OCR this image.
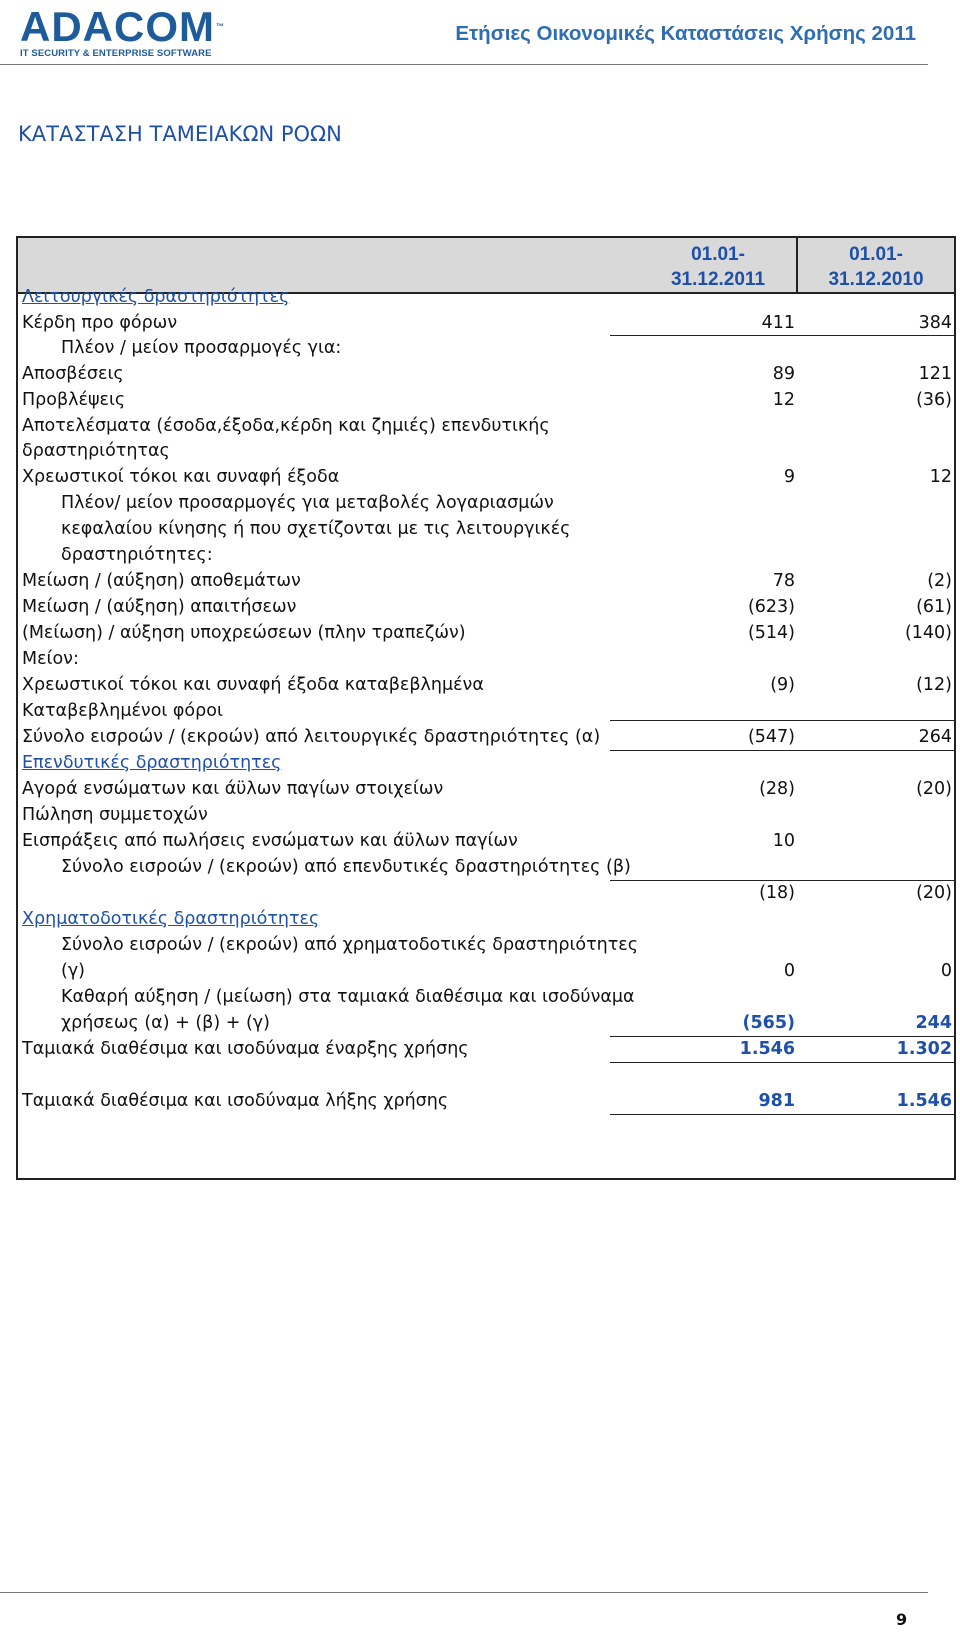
ADACOM™
IT SECURITY & ENTERPRISE SOFTWARE
Ετήσιες Οικονομικές Καταστάσεις Χρήσης 2011
ΚΑΤΑΣΤΑΣΗ ΤΑΜΕΙΑΚΩΝ ΡΟΩΝ
01.01-
31.12.2011
01.01-
31.12.2010
Λειτουργικές δραστηριότητες
Κέρδη προ φόρων	411	384
Πλέον / μείον προσαρμογές για:
Αποσβέσεις	89	121
Προβλέψεις	12	(36)
Αποτελέσματα (έσοδα,έξοδα,κέρδη και ζημιές) επενδυτικής
δραστηριότητας
Χρεωστικοί τόκοι και συναφή έξοδα	9	12
Πλέον/ μείον προσαρμογές για μεταβολές λογαριασμών
κεφαλαίου κίνησης ή που σχετίζονται με τις λειτουργικές
δραστηριότητες:
Μείωση / (αύξηση) αποθεμάτων	78	(2)
Μείωση / (αύξηση) απαιτήσεων	(623)	(61)
(Μείωση) / αύξηση υποχρεώσεων (πλην τραπεζών)	(514)	(140)
Μείον:
Χρεωστικοί τόκοι και συναφή έξοδα καταβεβλημένα	(9)	(12)
Καταβεβλημένοι φόροι
Σύνολο εισροών / (εκροών) από λειτουργικές δραστηριότητες (α)	(547)	264
Επενδυτικές δραστηριότητες
Αγορά ενσώματων και άϋλων παγίων στοιχείων	(28)	(20)
Πώληση συμμετοχών
Εισπράξεις από πωλήσεις ενσώματων και άϋλων παγίων	10
Σύνολο εισροών / (εκροών) από επενδυτικές δραστηριότητες (β)
(18)	(20)
Χρηματοδοτικές δραστηριότητες
Σύνολο εισροών / (εκροών) από χρηματοδοτικές δραστηριότητες
(γ)	0	0
Καθαρή αύξηση / (μείωση) στα ταμιακά διαθέσιμα και ισοδύναμα
χρήσεως (α) + (β) + (γ)	(565)	244
Ταμιακά διαθέσιμα και ισοδύναμα έναρξης χρήσης	1.546	1.302
Ταμιακά διαθέσιμα και ισοδύναμα λήξης χρήσης	981	1.546
9
